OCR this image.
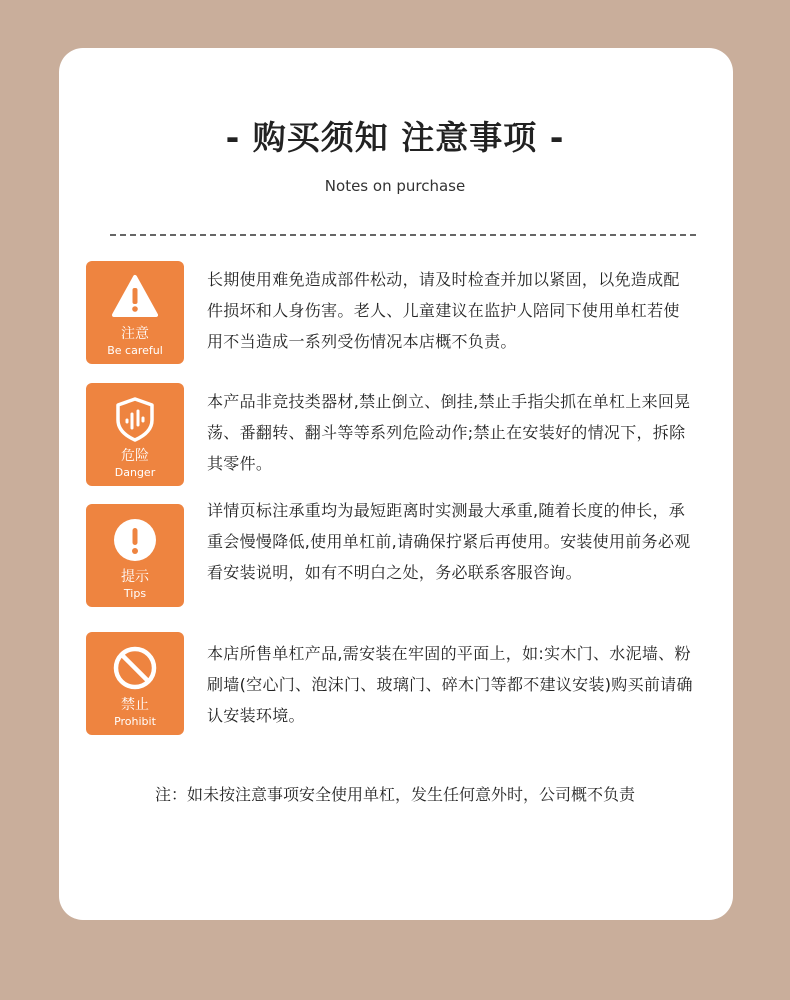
- 购买须知 注意事项 -
Notes on purchase
注意
Be careful
长期使用难免造成部件松动，请及时检查并加以紧固，以免造成配件损坏和人身伤害。老人、儿童建议在监护人陪同下使用单杠若使用不当造成一系列受伤情况本店概不负责。
危险
Danger
本产品非竞技类器材,禁止倒立、倒挂,禁止手指尖抓在单杠上来回晃荡、番翻转、翻斗等等系列危险动作;禁止在安装好的情况下，拆除其零件。
提示
Tips
详情页标注承重均为最短距离时实测最大承重,随着长度的伸长，承重会慢慢降低,使用单杠前,请确保拧紧后再使用。安装使用前务必观看安装说明，如有不明白之处，务必联系客服咨询。
禁止
Prohibit
本店所售单杠产品,需安装在牢固的平面上，如:实木门、水泥墙、粉刷墙(空心门、泡沫门、玻璃门、碎木门等都不建议安装)购买前请确认安装环境。
注：如未按注意事项安全使用单杠，发生任何意外时，公司概不负责
